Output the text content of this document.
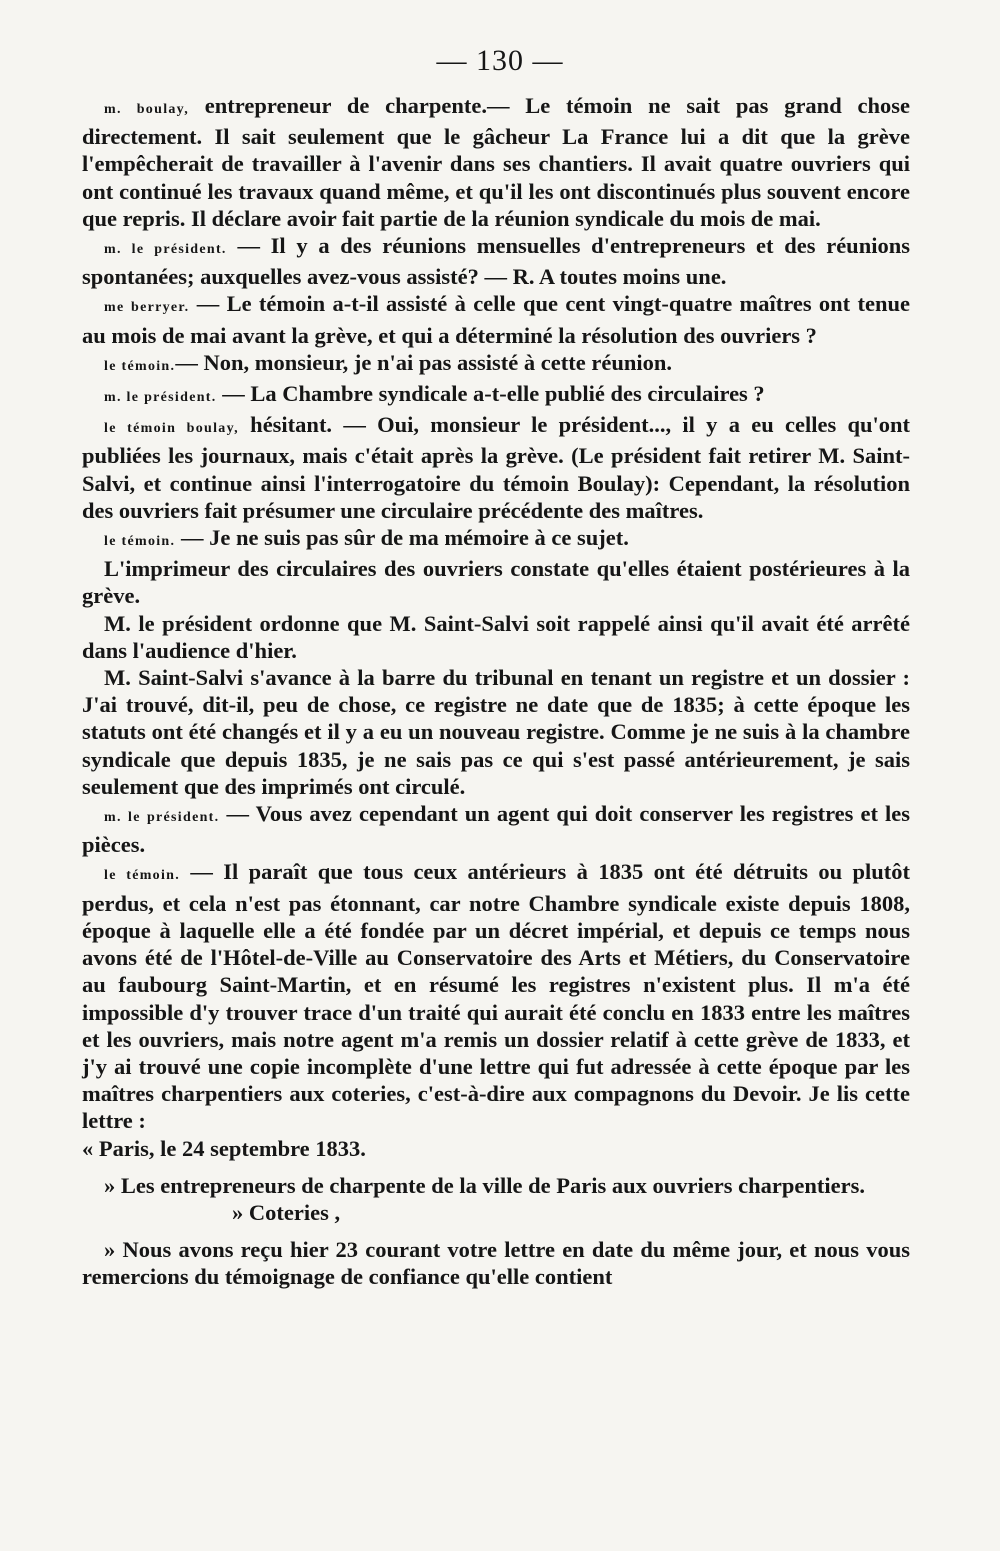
— 130 —

m. boulay, entrepreneur de charpente.— Le témoin ne sait pas grand chose directement. Il sait seulement que le gâcheur La France lui a dit que la grève l'empêcherait de travailler à l'avenir dans ses chantiers. Il avait quatre ouvriers qui ont continué les travaux quand même, et qu'il les ont discontinués plus souvent encore que repris. Il déclare avoir fait partie de la réunion syndicale du mois de mai.

m. le président. — Il y a des réunions mensuelles d'entrepreneurs et des réunions spontanées; auxquelles avez-vous assisté? — R. A toutes moins une.

me berryer. — Le témoin a-t-il assisté à celle que cent vingt-quatre maîtres ont tenue au mois de mai avant la grève, et qui a déterminé la résolution des ouvriers ?

le témoin.— Non, monsieur, je n'ai pas assisté à cette réunion.

m. le président. — La Chambre syndicale a-t-elle publié des circulaires ?

le témoin boulay, hésitant. — Oui, monsieur le président..., il y a eu celles qu'ont publiées les journaux, mais c'était après la grève. (Le président fait retirer M. Saint-Salvi, et continue ainsi l'interrogatoire du témoin Boulay): Cependant, la résolution des ouvriers fait présumer une circulaire précédente des maîtres.

le témoin. — Je ne suis pas sûr de ma mémoire à ce sujet.

L'imprimeur des circulaires des ouvriers constate qu'elles étaient postérieures à la grève.

M. le président ordonne que M. Saint-Salvi soit rappelé ainsi qu'il avait été arrêté dans l'audience d'hier.

M. Saint-Salvi s'avance à la barre du tribunal en tenant un registre et un dossier : J'ai trouvé, dit-il, peu de chose, ce registre ne date que de 1835; à cette époque les statuts ont été changés et il y a eu un nouveau registre. Comme je ne suis à la chambre syndicale que depuis 1835, je ne sais pas ce qui s'est passé antérieurement, je sais seulement que des imprimés ont circulé.

m. le président. — Vous avez cependant un agent qui doit conserver les registres et les pièces.

le témoin. — Il paraît que tous ceux antérieurs à 1835 ont été détruits ou plutôt perdus, et cela n'est pas étonnant, car notre Chambre syndicale existe depuis 1808, époque à laquelle elle a été fondée par un décret impérial, et depuis ce temps nous avons été de l'Hôtel-de-Ville au Conservatoire des Arts et Métiers, du Conservatoire au faubourg Saint-Martin, et en résumé les registres n'existent plus. Il m'a été impossible d'y trouver trace d'un traité qui aurait été conclu en 1833 entre les maîtres et les ouvriers, mais notre agent m'a remis un dossier relatif à cette grève de 1833, et j'y ai trouvé une copie incomplète d'une lettre qui fut adressée à cette époque par les maîtres charpentiers aux coteries, c'est-à-dire aux compagnons du Devoir. Je lis cette lettre :

« Paris, le 24 septembre 1833.

» Les entrepreneurs de charpente de la ville de Paris aux ouvriers charpentiers.

» Coteries ,

» Nous avons reçu hier 23 courant votre lettre en date du même jour, et nous vous remercions du témoignage de confiance qu'elle contient
